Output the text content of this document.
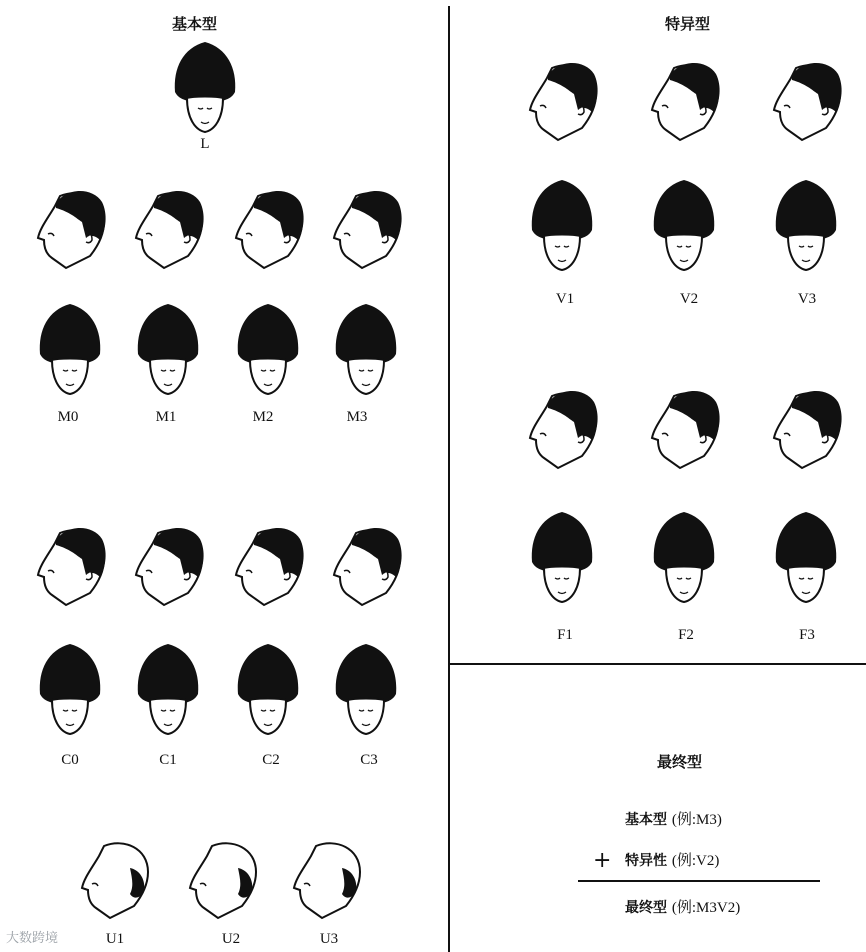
基本型	特异型
L
M0	M1	M2	M3
C0	C1	C2	C3
U1	U2	U3
V1	V2	V3
F1	F2	F3
最终型
基本型 (例:M3)
+ 特异性 (例:V2)
最终型 (例:M3V2)
大数跨境
